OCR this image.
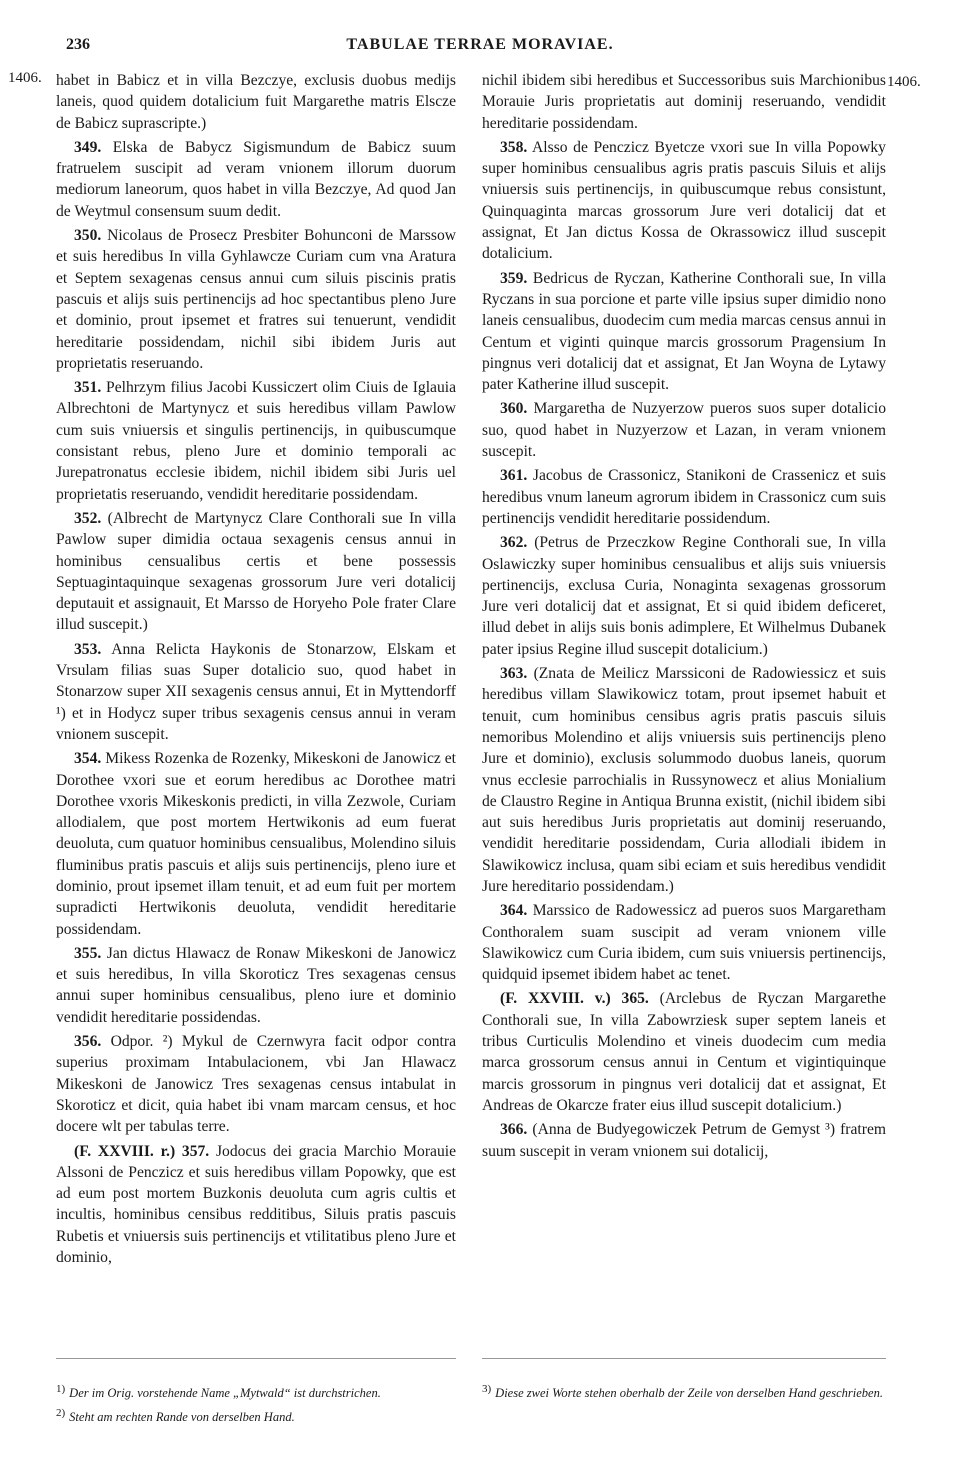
236	TABULAE TERRAE MORAVIAE.
1406.	1406.

habet in Babicz et in villa Bezczye, exclusis duobus medijs laneis, quod quidem dotalicium fuit Margarethe matris Elscze de Babicz suprascripte.)

349. Elska de Babycz Sigismundum de Babicz suum fratruelem suscipit ad veram vnionem illorum duorum mediorum laneorum, quos habet in villa Bezczye, Ad quod Jan de Weytmul consensum suum dedit.

350. Nicolaus de Prosecz Presbiter Bohunconi de Marssow et suis heredibus In villa Gyhlawcze Curiam cum vna Aratura et Septem sexagenas census annui cum siluis piscinis pratis pascuis et alijs suis pertinencijs ad hoc spectantibus pleno Jure et dominio, prout ipsemet et fratres sui tenuerunt, vendidit hereditarie possidendam, nichil sibi ibidem Juris aut proprietatis reseruando.

351. Pelhrzym filius Jacobi Kussiczert olim Ciuis de Iglauia Albrechtoni de Martynycz et suis heredibus villam Pawlow cum suis vniuersis et singulis pertinencijs, in quibuscumque consistant rebus, pleno Jure et dominio temporali ac Jurepatronatus ecclesie ibidem, nichil ibidem sibi Juris uel proprietatis reseruando, vendidit hereditarie possidendam.

352. (Albrecht de Martynycz Clare Conthorali sue In villa Pawlow super dimidia octaua sexagenis census annui in hominibus censualibus certis et bene possessis Septuagintaquinque sexagenas grossorum Jure veri dotalicij deputauit et assignauit, Et Marsso de Horyeho Pole frater Clare illud suscepit.)

353. Anna Relicta Haykonis de Stonarzow, Elskam et Vrsulam filias suas Super dotalicio suo, quod habet in Stonarzow super XII sexagenis census annui, Et in Myttendorff ¹) et in Hodycz super tribus sexagenis census annui in veram vnionem suscepit.

354. Mikess Rozenka de Rozenky, Mikeskoni de Janowicz et Dorothee vxori sue et eorum heredibus ac Dorothee matri Dorothee vxoris Mikeskonis predicti, in villa Zezwole, Curiam allodialem, que post mortem Hertwikonis ad eum fuerat deuoluta, cum quatuor hominibus censualibus, Molendino siluis fluminibus pratis pascuis et alijs suis pertinencijs, pleno iure et dominio, prout ipsemet illam tenuit, et ad eum fuit per mortem supradicti Hertwikonis deuoluta, vendidit hereditarie possidendam.

355. Jan dictus Hlawacz de Ronaw Mikeskoni de Janowicz et suis heredibus, In villa Skoroticz Tres sexagenas census annui super hominibus censualibus, pleno iure et dominio vendidit hereditarie possidendas.

356. Odpor. ²) Mykul de Czernwyra facit odpor contra superius proximam Intabulacionem, vbi Jan Hlawacz Mikeskoni de Janowicz Tres sexagenas census intabulat in Skoroticz et dicit, quia habet ibi vnam marcam census, et hoc docere wlt per tabulas terre.

(F. XXVIII. r.) 357. Jodocus dei gracia Marchio Morauie Alssoni de Penczicz et suis heredibus villam Popowky, que est ad eum post mortem Buzkonis deuoluta cum agris cultis et incultis, hominibus censibus redditibus, Siluis pratis pascuis Rubetis et vniuersis suis pertinencijs et vtilitatibus pleno Jure et dominio,

nichil ibidem sibi heredibus et Successoribus suis Marchionibus Morauie Juris proprietatis aut dominij reseruando, vendidit hereditarie possidendam.

358. Alsso de Penczicz Byetcze vxori sue In villa Popowky super hominibus censualibus agris pratis pascuis Siluis et alijs vniuersis suis pertinencijs, in quibuscumque rebus consistunt, Quinquaginta marcas grossorum Jure veri dotalicij dat et assignat, Et Jan dictus Kossa de Okrassowicz illud suscepit dotalicium.

359. Bedricus de Ryczan, Katherine Conthorali sue, In villa Ryczans in sua porcione et parte ville ipsius super dimidio nono laneis censualibus, duodecim cum media marcas census annui in Centum et viginti quinque marcis grossorum Pragensium In pingnus veri dotalicij dat et assignat, Et Jan Woyna de Lytawy pater Katherine illud suscepit.

360. Margaretha de Nuzyerzow pueros suos super dotalicio suo, quod habet in Nuzyerzow et Lazan, in veram vnionem suscepit.

361. Jacobus de Crassonicz, Stanikoni de Crassenicz et suis heredibus vnum laneum agrorum ibidem in Crassonicz cum suis pertinencijs vendidit hereditarie possidendum.

362. (Petrus de Przeczkow Regine Conthorali sue, In villa Oslawiczky super hominibus censualibus et alijs suis vniuersis pertinencijs, exclusa Curia, Nonaginta sexagenas grossorum Jure veri dotalicij dat et assignat, Et si quid ibidem deficeret, illud debet in alijs suis bonis adimplere, Et Wilhelmus Dubanek pater ipsius Regine illud suscepit dotalicium.)

363. (Znata de Meilicz Marssiconi de Radowiessicz et suis heredibus villam Slawikowicz totam, prout ipsemet habuit et tenuit, cum hominibus censibus agris pratis pascuis siluis nemoribus Molendino et alijs vniuersis suis pertinencijs pleno Jure et dominio), exclusis solummodo duobus laneis, quorum vnus ecclesie parrochialis in Russynowecz et alius Monialium de Claustro Regine in Antiqua Brunna existit, (nichil ibidem sibi aut suis heredibus Juris proprietatis aut dominij reseruando, vendidit hereditarie possidendam, Curia allodiali ibidem in Slawikowicz inclusa, quam sibi eciam et suis heredibus vendidit Jure hereditario possidendam.)

364. Marssico de Radowessicz ad pueros suos Margaretham Conthoralem suam suscipit ad veram vnionem ville Slawikowicz cum Curia ibidem, cum suis vniuersis pertinencijs, quidquid ipsemet ibidem habet ac tenet.

(F. XXVIII. v.) 365. (Arclebus de Ryczan Margarethe Conthorali sue, In villa Zabowrziesk super septem laneis et tribus Curticulis Molendino et vineis duodecim cum media marca grossorum census annui in Centum et vigintiquinque marcis grossorum in pingnus veri dotalicij dat et assignat, Et Andreas de Okarcze frater eius illud suscepit dotalicium.)

366. (Anna de Budyegowiczek Petrum de Gemyst ³) fratrem suum suscepit in veram vnionem sui dotalicij,

1) Der im Orig. vorstehende Name „Mytwald“ ist durchstrichen.

2) Steht am rechten Rande von derselben Hand.

3) Diese zwei Worte stehen oberhalb der Zeile von derselben Hand geschrieben.
